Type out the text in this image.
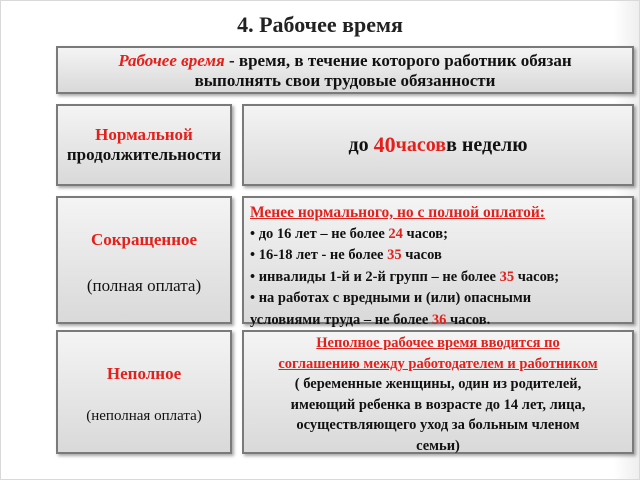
4. Рабочее время
Рабочее время - время, в течение которого работник обязан
выполнять свои трудовые обязанности
Нормальной
продолжительности	до
40 часов в неделю
Сокращенное
(полная оплата)
Менее нормального, но с полной оплатой:
• до 16 лет – не более 24 часов;
• 16-18 лет - не более 35 часов
• инвалиды 1-й и 2-й групп – не более 35 часов;
• на работах с вредными и (или) опасными
условиями труда – не более 36 часов.
Неполное
(неполная оплата)
Неполное рабочее время вводится по
соглашению между работодателем и работником
( беременные женщины, один из родителей,
имеющий ребенка в возрасте до 14 лет, лица,
осуществляющего уход за больным членом
семьи)
